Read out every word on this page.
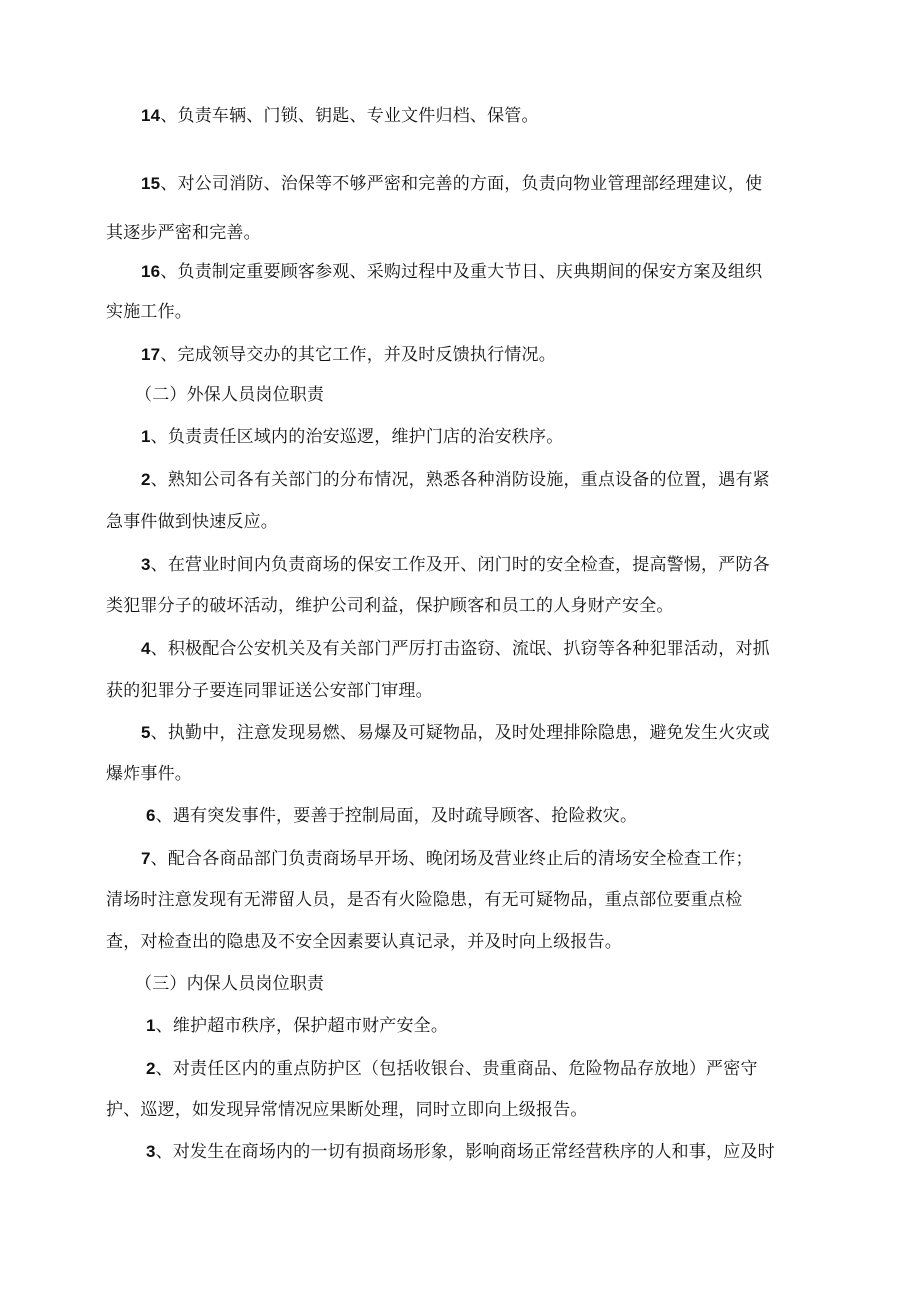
14、负责车辆、门锁、钥匙、专业文件归档、保管。
15、对公司消防、治保等不够严密和完善的方面，负责向物业管理部经理建议，使
其逐步严密和完善。
16、负责制定重要顾客参观、采购过程中及重大节日、庆典期间的保安方案及组织
实施工作。
17、完成领导交办的其它工作，并及时反馈执行情况。
（二）外保人员岗位职责
1、负责责任区域内的治安巡逻，维护门店的治安秩序。
2、熟知公司各有关部门的分布情况，熟悉各种消防设施，重点设备的位置，遇有紧
急事件做到快速反应。
3、在营业时间内负责商场的保安工作及开、闭门时的安全检查，提高警惕，严防各
类犯罪分子的破坏活动，维护公司利益，保护顾客和员工的人身财产安全。
4、积极配合公安机关及有关部门严厉打击盗窃、流氓、扒窃等各种犯罪活动，对抓
获的犯罪分子要连同罪证送公安部门审理。
5、执勤中，注意发现易燃、易爆及可疑物品，及时处理排除隐患，避免发生火灾或
爆炸事件。
6、遇有突发事件，要善于控制局面，及时疏导顾客、抢险救灾。
7、配合各商品部门负责商场早开场、晚闭场及营业终止后的清场安全检查工作；
清场时注意发现有无滞留人员，是否有火险隐患，有无可疑物品，重点部位要重点检
查，对检查出的隐患及不安全因素要认真记录，并及时向上级报告。
（三）内保人员岗位职责
1、维护超市秩序，保护超市财产安全。
2、对责任区内的重点防护区（包括收银台、贵重商品、危险物品存放地）严密守
护、巡逻，如发现异常情况应果断处理，同时立即向上级报告。
3、对发生在商场内的一切有损商场形象，影响商场正常经营秩序的人和事，应及时
